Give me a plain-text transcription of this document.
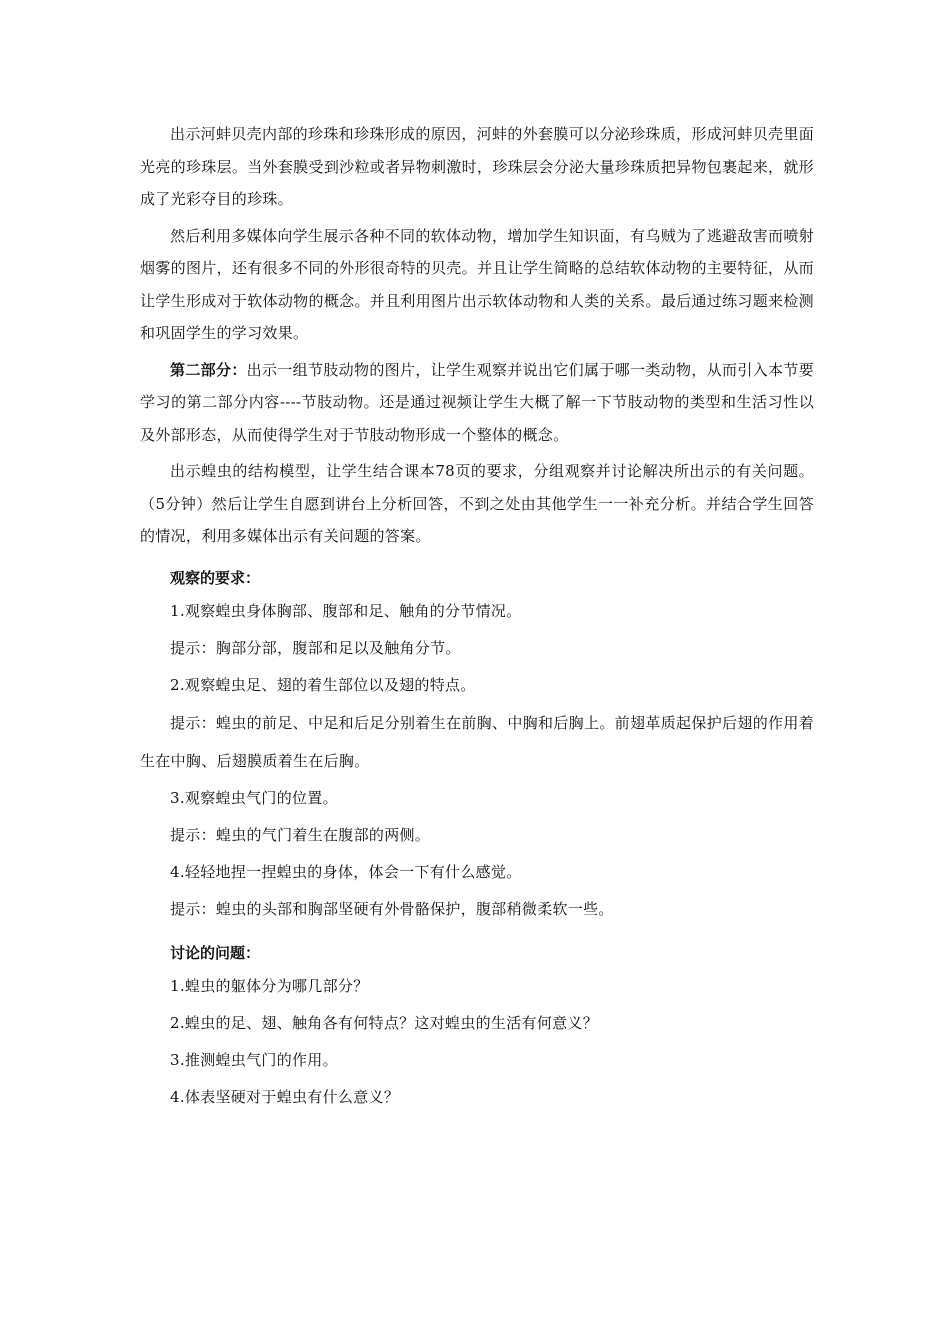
出示河蚌贝壳内部的珍珠和珍珠形成的原因，河蚌的外套膜可以分泌珍珠质，形成河蚌贝壳里面光亮的珍珠层。当外套膜受到沙粒或者异物刺激时，珍珠层会分泌大量珍珠质把异物包裹起来，就形成了光彩夺目的珍珠。

然后利用多媒体向学生展示各种不同的软体动物，增加学生知识面，有乌贼为了逃避敌害而喷射烟雾的图片，还有很多不同的外形很奇特的贝壳。并且让学生简略的总结软体动物的主要特征，从而让学生形成对于软体动物的概念。并且利用图片出示软体动物和人类的关系。最后通过练习题来检测和巩固学生的学习效果。

第二部分：出示一组节肢动物的图片，让学生观察并说出它们属于哪一类动物，从而引入本节要学习的第二部分内容----节肢动物。还是通过视频让学生大概了解一下节肢动物的类型和生活习性以及外部形态，从而使得学生对于节肢动物形成一个整体的概念。

出示蝗虫的结构模型，让学生结合课本78页的要求，分组观察并讨论解决所出示的有关问题。（5分钟）然后让学生自愿到讲台上分析回答，不到之处由其他学生一一补充分析。并结合学生回答的情况，利用多媒体出示有关问题的答案。

观察的要求：

1.观察蝗虫身体胸部、腹部和足、触角的分节情况。

提示：胸部分部，腹部和足以及触角分节。

2.观察蝗虫足、翅的着生部位以及翅的特点。

提示：蝗虫的前足、中足和后足分别着生在前胸、中胸和后胸上。前翅革质起保护后翅的作用着生在中胸、后翅膜质着生在后胸。

3.观察蝗虫气门的位置。

提示：蝗虫的气门着生在腹部的两侧。

4.轻轻地捏一捏蝗虫的身体，体会一下有什么感觉。

提示：蝗虫的头部和胸部坚硬有外骨骼保护，腹部稍微柔软一些。

讨论的问题：

1.蝗虫的躯体分为哪几部分？

2.蝗虫的足、翅、触角各有何特点？这对蝗虫的生活有何意义？

3.推测蝗虫气门的作用。

4.体表坚硬对于蝗虫有什么意义？
